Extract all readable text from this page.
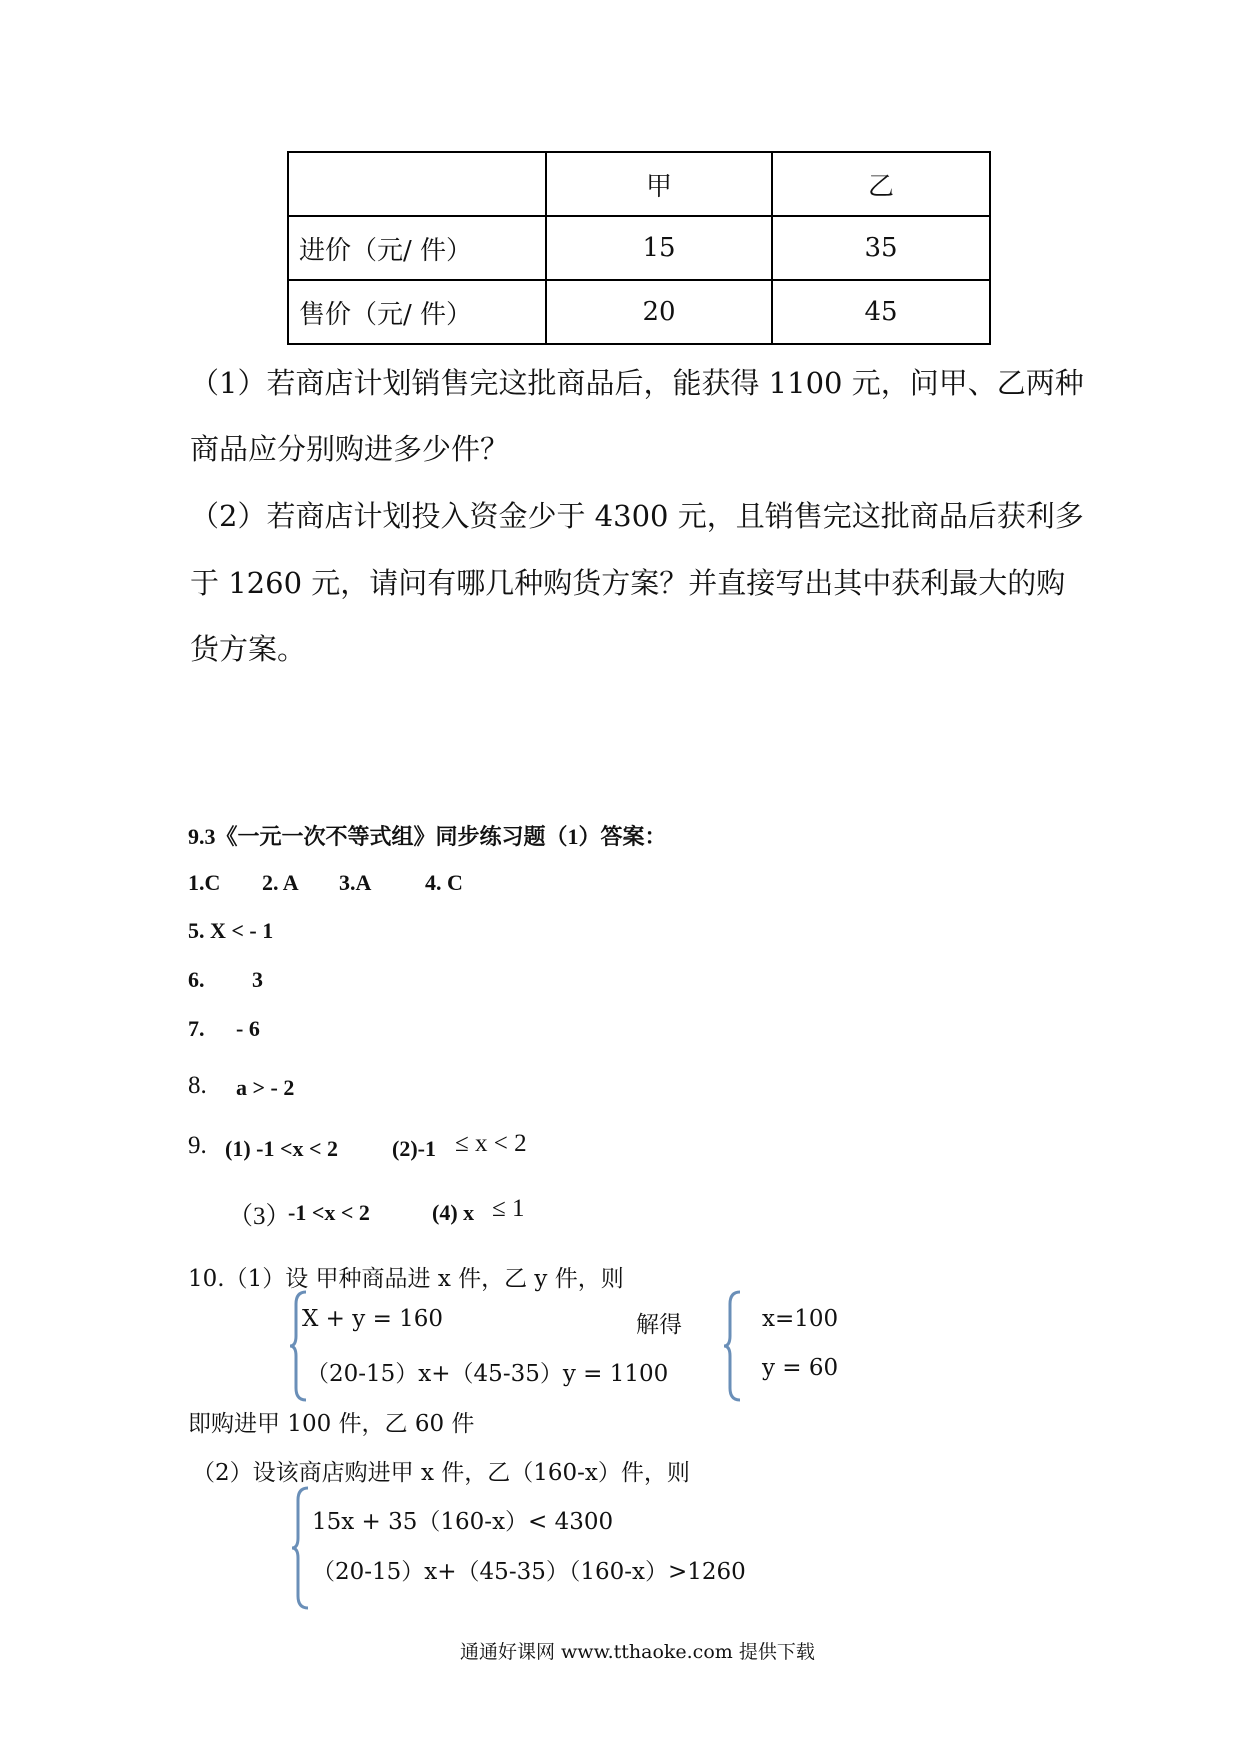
	甲	乙
进价（元/ 件）	15	35
售价（元/ 件）	20	45
（1）若商店计划销售完这批商品后，能获得 1100 元，问甲、乙两种
商品应分别购进多少件？
（2）若商店计划投入资金少于 4300 元，且销售完这批商品后获利多
于 1260 元，请问有哪几种购货方案？并直接写出其中获利最大的购
货方案。
9.3《一元一次不等式组》同步练习题（1）答案：
1.C 2. A 3.A 4. C
5. X < - 1
6. 3
7. - 6
8. a > - 2
9. (1) -1 <x < 2 (2)-1 ≤ x < 2
（3）
-1 <x < 2	(4) x ≤ 1
10.（1）设 甲种商品进 x 件，乙 y 件，则
X + y = 160
（20-15）x+（45-35）y = 1100
解得	x=100
y = 60
即购进甲 100 件，乙 60 件
（2）设该商店购进甲 x 件，乙（160-x）件，则
15x + 35（160-x）< 4300
（20-15）x+（45-35）（160-x）>1260
通通好课网 www.tthaoke.com 提供下载
